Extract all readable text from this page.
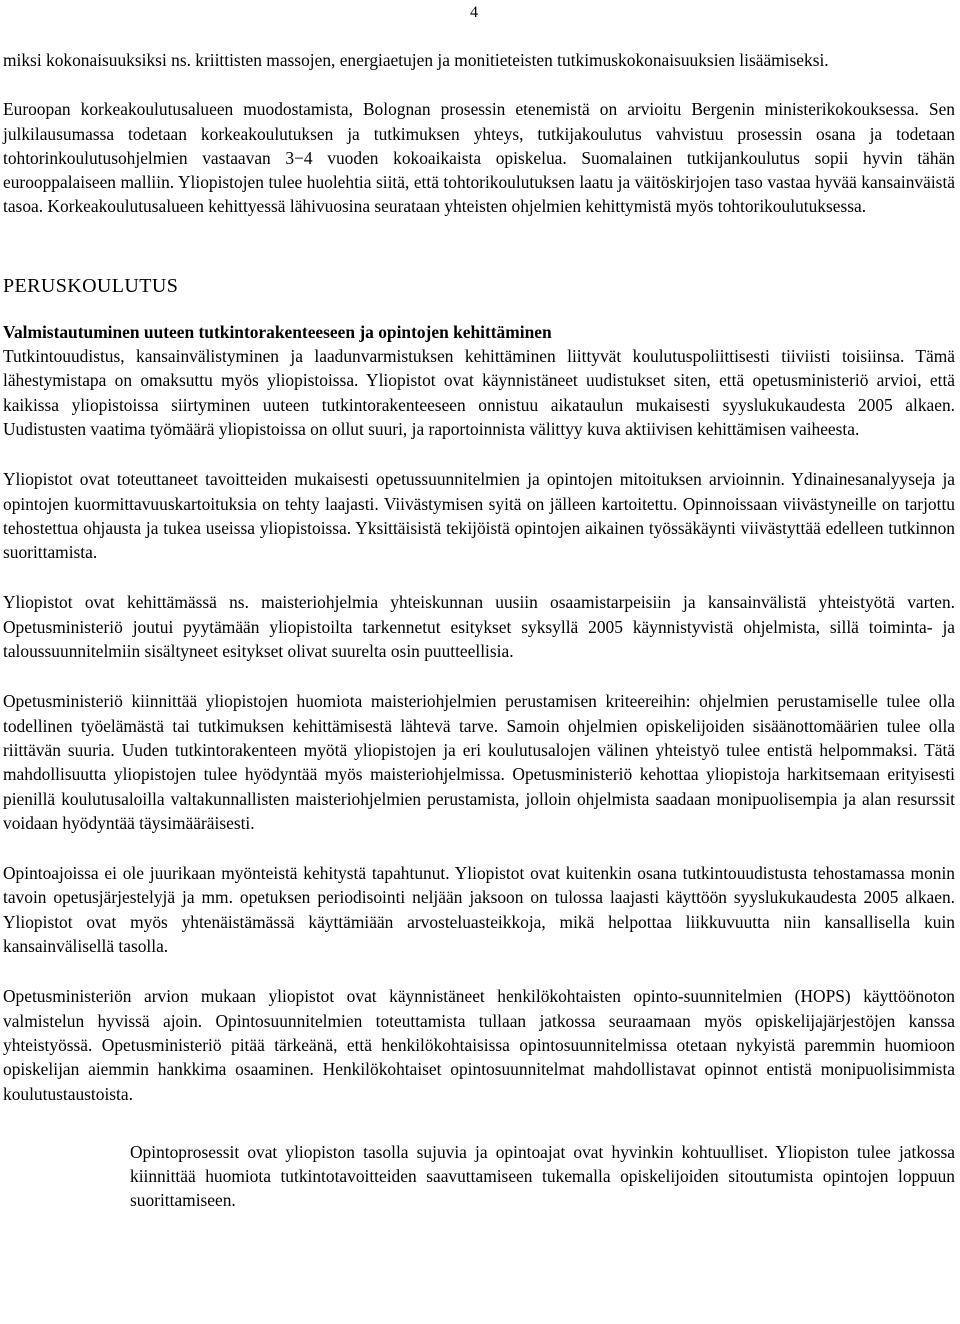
4

miksi kokonaisuuksiksi ns. kriittisten massojen, energiaetujen ja monitieteisten tutkimuskokonaisuuksien lisäämiseksi.

Euroopan korkeakoulutusalueen muodostamista, Bolognan prosessin etenemistä on arvioitu Bergenin ministerikokouksessa. Sen julkilausumassa todetaan korkeakoulutuksen ja tutkimuksen yhteys, tutkijakoulutus vahvistuu prosessin osana ja todetaan tohtorinkoulutusohjelmien vastaavan 3−4 vuoden kokoaikaista opiskelua. Suomalainen tutkijankoulutus sopii hyvin tähän eurooppalaiseen malliin. Yliopistojen tulee huolehtia siitä, että tohtorikoulutuksen laatu ja väitöskirjojen taso vastaa hyvää kansainväistä tasoa. Korkeakoulutusalueen kehittyessä lähivuosina seurataan yhteisten ohjelmien kehittymistä myös tohtorikoulutuksessa.

PERUSKOULUTUS
Valmistautuminen uuteen tutkintorakenteeseen ja opintojen kehittäminen

Tutkintouudistus, kansainvälistyminen ja laadunvarmistuksen kehittäminen liittyvät koulutuspoliittisesti tiiviisti toisiinsa. Tämä lähestymistapa on omaksuttu myös yliopistoissa. Yliopistot ovat käynnistäneet uudistukset siten, että opetusministeriö arvioi, että kaikissa yliopistoissa siirtyminen uuteen tutkintorakenteeseen onnistuu aikataulun mukaisesti syyslukukaudesta 2005 alkaen. Uudistusten vaatima työmäärä yliopistoissa on ollut suuri, ja raportoinnista välittyy kuva aktiivisen kehittämisen vaiheesta.

Yliopistot ovat toteuttaneet tavoitteiden mukaisesti opetussuunnitelmien ja opintojen mitoituksen arvioinnin. Ydinainesanalyyseja ja opintojen kuormittavuuskartoituksia on tehty laajasti. Viivästymisen syitä on jälleen kartoitettu. Opinnoissaan viivästyneille on tarjottu tehostettua ohjausta ja tukea useissa yliopistoissa. Yksittäisistä tekijöistä opintojen aikainen työssäkäynti viivästyttää edelleen tutkinnon suorittamista.

Yliopistot ovat kehittämässä ns. maisteriohjelmia yhteiskunnan uusiin osaamistarpeisiin ja kansainvälistä yhteistyötä varten. Opetusministeriö joutui pyytämään yliopistoilta tarkennetut esitykset syksyllä 2005 käynnistyvistä ohjelmista, sillä toiminta- ja taloussuunnitelmiin sisältyneet esitykset olivat suurelta osin puutteellisia.

Opetusministeriö kiinnittää yliopistojen huomiota maisteriohjelmien perustamisen kriteereihin: ohjelmien perustamiselle tulee olla todellinen työelämästä tai tutkimuksen kehittämisestä lähtevä tarve. Samoin ohjelmien opiskelijoiden sisäänottomäärien tulee olla riittävän suuria. Uuden tutkintorakenteen myötä yliopistojen ja eri koulutusalojen välinen yhteistyö tulee entistä helpommaksi. Tätä mahdollisuutta yliopistojen tulee hyödyntää myös maisteriohjelmissa. Opetusministeriö kehottaa yliopistoja harkitsemaan erityisesti pienillä koulutusaloilla valtakunnallisten maisteriohjelmien perustamista, jolloin ohjelmista saadaan monipuolisempia ja alan resurssit voidaan hyödyntää täysimääräisesti.

Opintoajoissa ei ole juurikaan myönteistä kehitystä tapahtunut. Yliopistot ovat kuitenkin osana tutkintouudistusta tehostamassa monin tavoin opetusjärjestelyjä ja mm. opetuksen periodisointi neljään jaksoon on tulossa laajasti käyttöön syyslukukaudesta 2005 alkaen. Yliopistot ovat myös yhtenäistämässä käyttämiään arvosteluasteikkoja, mikä helpottaa liikkuvuutta niin kansallisella kuin kansainvälisellä tasolla.

Opetusministeriön arvion mukaan yliopistot ovat käynnistäneet henkilökohtaisten opinto-suunnitelmien (HOPS) käyttöönoton valmistelun hyvissä ajoin. Opintosuunnitelmien toteuttamista tullaan jatkossa seuraamaan myös opiskelijajärjestöjen kanssa yhteistyössä. Opetusministeriö pitää tärkeänä, että henkilökohtaisissa opintosuunnitelmissa otetaan nykyistä paremmin huomioon opiskelijan aiemmin hankkima osaaminen. Henkilökohtaiset opintosuunnitelmat mahdollistavat opinnot entistä monipuolisimmista koulutustaustoista.

Opintoprosessit ovat yliopiston tasolla sujuvia ja opintoajat ovat hyvinkin kohtuulliset. Yliopiston tulee jatkossa kiinnittää huomiota tutkintotavoitteiden saavuttamiseen tukemalla opiskelijoiden sitoutumista opintojen loppuun suorittamiseen.
